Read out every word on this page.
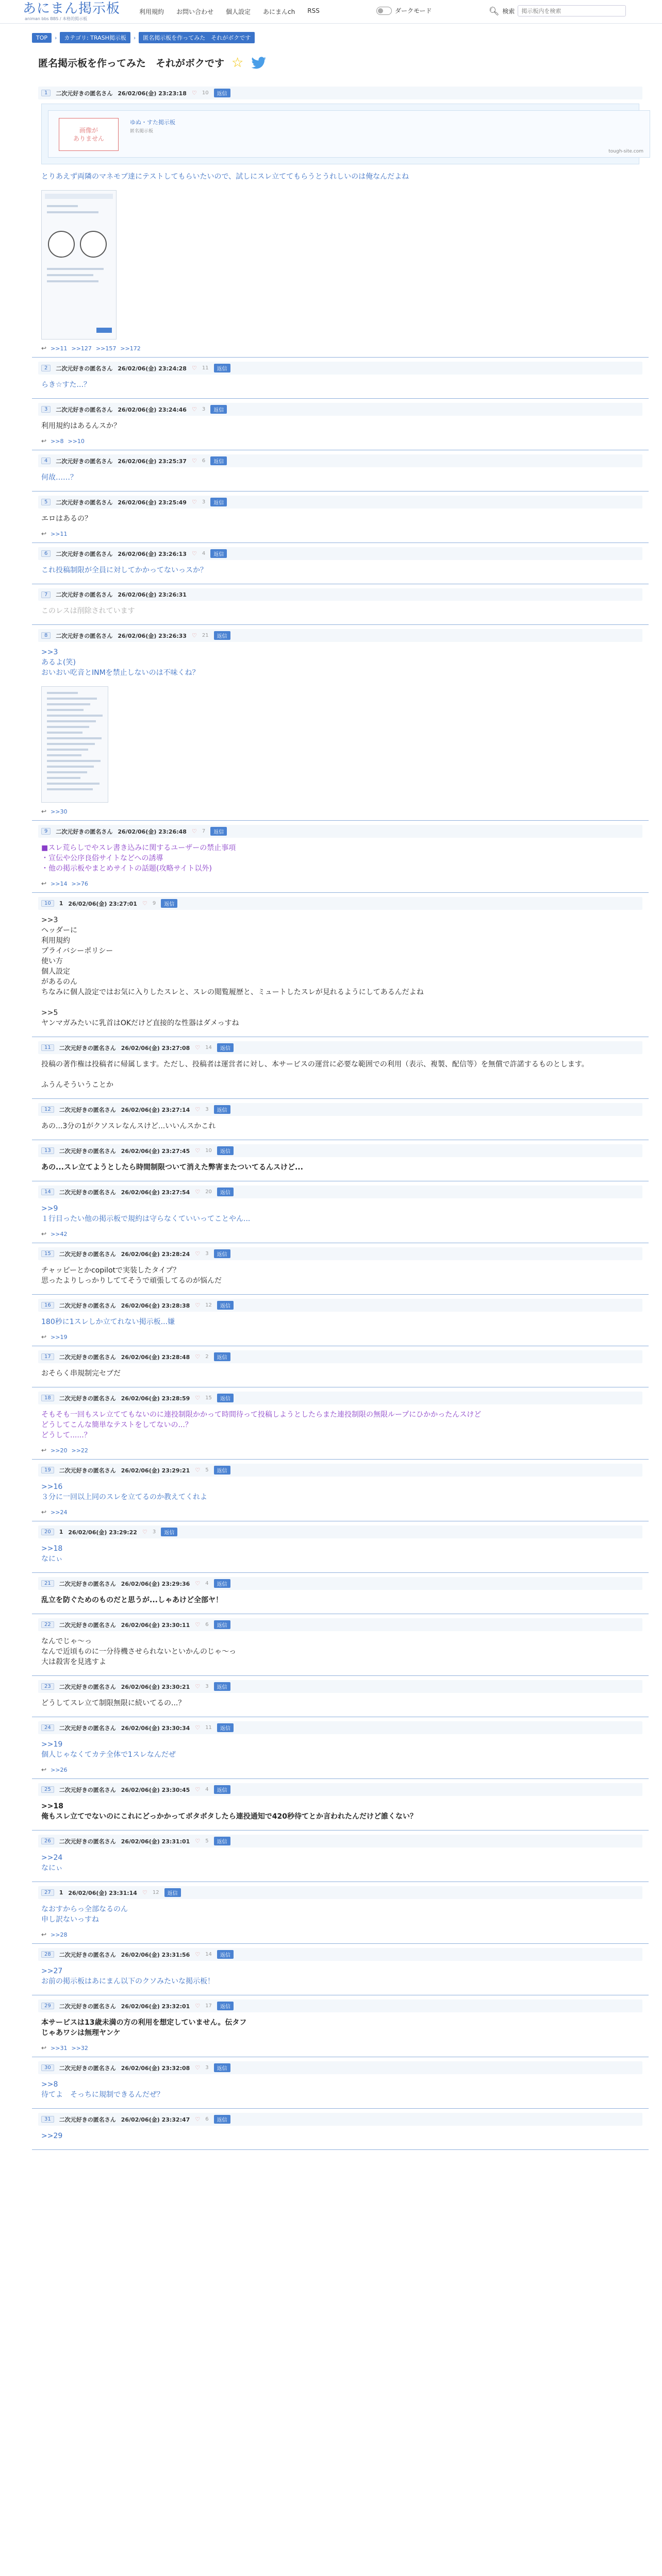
あにまん掲示板
animan bbs BBS / 本格的掲示板
利用規約 お問い合わせ 個人設定 あにまんch RSS	ダークモード	🔍︎ 検索
掲示板内を検索
TOP	›	カテゴリ: TRASH掲示板	›	匿名掲示板を作ってみた　それがボクです
匿名掲示板を作ってみた　それがボクです ☆
1	二次元好きの匿名さん 26/02/06(金) 23:23:18 ♡ 10	返信
画像が
ありません
ゆぬ・すた掲示板
匿名掲示板
tough-site.com
とりあえず両隣のマネモブ達にテストしてもらいたいので、試しにスレ立ててもらうとうれしいのは俺なんだよね
↩ >>11 >>127 >>157 >>172
2	二次元好きの匿名さん 26/02/06(金) 23:24:28 ♡ 11	返信
らき☆すた...？
3	二次元好きの匿名さん 26/02/06(金) 23:24:46 ♡ 3	返信
利用規約はあるんスか？
↩ >>8 >>10
4	二次元好きの匿名さん 26/02/06(金) 23:25:37 ♡ 6	返信
何故……？
5	二次元好きの匿名さん 26/02/06(金) 23:25:49 ♡ 3	返信
エロはあるの？
↩ >>11
6	二次元好きの匿名さん 26/02/06(金) 23:26:13 ♡ 4	返信
これ投稿制限が全員に対してかかってないっスか？
7	二次元好きの匿名さん 26/02/06(金) 23:26:31
このレスは削除されています
8	二次元好きの匿名さん 26/02/06(金) 23:26:33 ♡ 21	返信
>>3
あるよ(笑)
おいおい吃音とINMを禁止しないのは不味くね？
↩ >>30
9	二次元好きの匿名さん 26/02/06(金) 23:26:48 ♡ 7	返信
■スレ荒らしでやスレ書き込みに関するユーザーの禁止事項
・宣伝や公序良俗サイトなどへの誘導
・他の掲示板やまとめサイトの話題(攻略サイト以外)
↩ >>14 >>76
10	1 26/02/06(金) 23:27:01 ♡ 9	返信
>>3
ヘッダーに
利用規約
プライバシーポリシー
使い方
個人設定
があるのん
ちなみに個人設定ではお気に入りしたスレと、スレの閲覧履歴と、ミュートしたスレが見れるようにしてあるんだよね

>>5
ヤンマガみたいに乳首はOKだけど直接的な性器はダメっすね
11	二次元好きの匿名さん 26/02/06(金) 23:27:08 ♡ 14	返信
投稿の著作権は投稿者に帰属します。ただし、投稿者は運営者に対し、本サービスの運営に必要な範囲での利用（表示、複製、配信等）を無償で許諾するものとします。

ふうんそういうことか
12	二次元好きの匿名さん 26/02/06(金) 23:27:14 ♡ 3	返信
あの...3分の1がクソスレなんスけど...いいんスかこれ
13	二次元好きの匿名さん 26/02/06(金) 23:27:45 ♡ 10	返信
あの...スレ立てようとしたら時間制限ついて消えた弊害またついてるんスけど...
14	二次元好きの匿名さん 26/02/06(金) 23:27:54 ♡ 20	返信
>>9
１行目ったい他の掲示板で規約は守らなくていいってことやん...
↩ >>42
15	二次元好きの匿名さん 26/02/06(金) 23:28:24 ♡ 3	返信
チャッピーとかcopilotで実装したタイプ？
思ったよりしっかりしててそうで頑張してるのが悩んだ
16	二次元好きの匿名さん 26/02/06(金) 23:28:38 ♡ 12	返信
180秒に1スレしか立てれない掲示板...嫌
↩ >>19
17	二次元好きの匿名さん 26/02/06(金) 23:28:48 ♡ 2	返信
おそらく串規制完セブだ
18	二次元好きの匿名さん 26/02/06(金) 23:28:59 ♡ 15	返信
そもそも一回もスレ立ててもないのに連投制限かかって時間待って投稿しようとしたらまた連投制限の無限ループにひかかったんスけど
どうしてこんな簡単なテストをしてないの...？
どうして......？
↩ >>20 >>22
19	二次元好きの匿名さん 26/02/06(金) 23:29:21 ♡ 5	返信
>>16
３分に一回以上同のスレを立てるのか教えてくれよ
↩ >>24
20	1 26/02/06(金) 23:29:22 ♡ 3	返信
>>18
なにぃ
21	二次元好きの匿名さん 26/02/06(金) 23:29:36 ♡ 4	返信
乱立を防ぐためのものだと思うが...しゃあけど全部ヤ！
22	二次元好きの匿名さん 26/02/06(金) 23:30:11 ♡ 6	返信
なんでじゃ～っ
なんで近頃ものに一分待機させられないといかんのじゃ～っ
大は殺害を見逃すよ
23	二次元好きの匿名さん 26/02/06(金) 23:30:21 ♡ 3	返信
どうしてスレ立て制限無限に続いてるの...？
24	二次元好きの匿名さん 26/02/06(金) 23:30:34 ♡ 11	返信
>>19
個人じゃなくてカテ全体で1スレなんだぜ
↩ >>26
25	二次元好きの匿名さん 26/02/06(金) 23:30:45 ♡ 4	返信
>>18
俺もスレ立てでないのにこれにどっかかってボタボタしたら連投通知で420秒待てとか言われたんだけど誰くない？
26	二次元好きの匿名さん 26/02/06(金) 23:31:01 ♡ 5	返信
>>24
なにぃ
27	1 26/02/06(金) 23:31:14 ♡ 12	返信
なおすからっ全部なるのん
申し訳ないっすね
↩ >>28
28	二次元好きの匿名さん 26/02/06(金) 23:31:56 ♡ 14	返信
>>27
お前の掲示板はあにまん以下のクソみたいな掲示板！
29	二次元好きの匿名さん 26/02/06(金) 23:32:01 ♡ 17	返信
本サービスは13歳未満の方の利用を想定していません。伝タフ
じゃあワシは無理ヤンケ
↩ >>31 >>32
30	二次元好きの匿名さん 26/02/06(金) 23:32:08 ♡ 3	返信
>>8
待てよ　そっちに規制できるんだぜ？
31	二次元好きの匿名さん 26/02/06(金) 23:32:47 ♡ 6	返信
>>29
